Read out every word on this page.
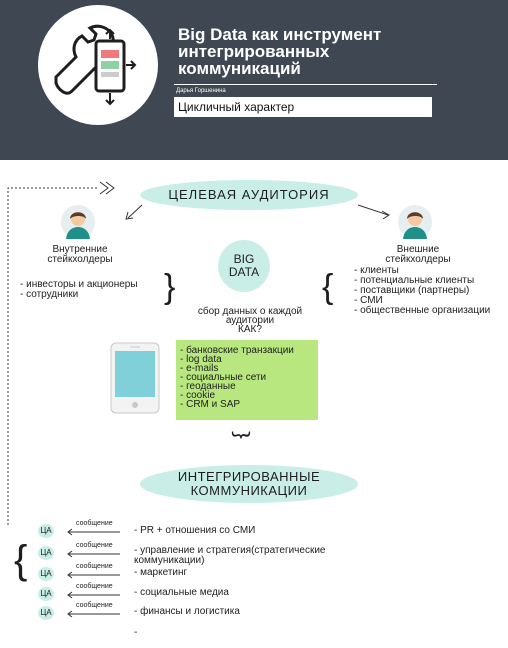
Big Data как инструмент
интегрированных
коммуникаций
Дарья Горшенина
Цикличный характер
ЦЕЛЕВАЯ АУДИТОРИЯ
Внутренние стейкхолдеры
- инвесторы и акционеры
- сотрудники
Внешние стейкхолдеры
- клиенты
- потенциальные клиенты
- поставщики (партнеры)
- СМИ
- общественные организации
BIG DATA
}	{
сбор данных о каждой аудитории
КАК?
- банковские транзакции
- log data
- e-mails
- социальные сети
- геоданные
- cookie
- CRM и SAP
︸
ИНТЕГРИРОВАННЫЕ КОММУНИКАЦИИ
{
ЦА
сообщение
- PR + отношения со СМИ
ЦА
сообщение - управление и стратегия(стратегические коммуникации)
ЦА
сообщение
- маркетинг
ЦА
сообщение
- социальные медиа
ЦА
сообщение
- финансы и логистика
-
